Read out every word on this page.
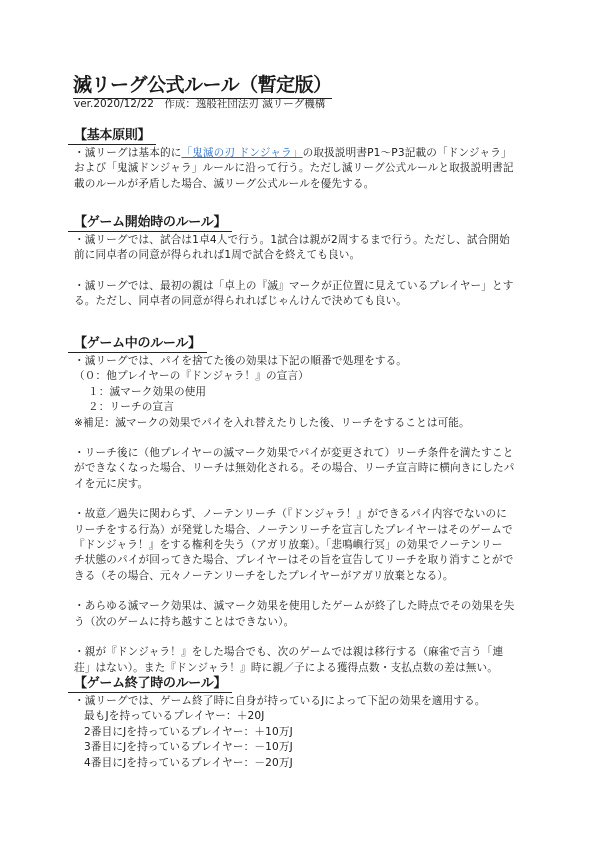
滅リーグ公式ルール（暫定版）
ver.2020/12/22　作成：逸般社団法刃 滅リーグ機構
【基本原則】
・滅リーグは基本的に「鬼滅の刃 ドンジャラ」の取扱説明書P1～P3記載の「ドンジャラ」
および「鬼滅ドンジャラ」ルールに沿って行う。ただし滅リーグ公式ルールと取扱説明書記
載のルールが矛盾した場合、滅リーグ公式ルールを優先する。
【ゲーム開始時のルール】
・滅リーグでは、試合は1卓4人で行う。1試合は親が2周するまで行う。ただし、試合開始
前に同卓者の同意が得られれば1周で試合を終えても良い。
・滅リーグでは、最初の親は「卓上の『滅』マークが正位置に見えているプレイヤー」とす
る。ただし、同卓者の同意が得られればじゃんけんで決めても良い。
【ゲーム中のルール】
・滅リーグでは、パイを捨てた後の効果は下記の順番で処理をする。
（０：他プレイヤーの『ドンジャラ！』の宣言）
１：滅マーク効果の使用
２：リーチの宣言
※補足：滅マークの効果でパイを入れ替えたりした後、リーチをすることは可能。
・リーチ後に（他プレイヤーの滅マーク効果でパイが変更されて）リーチ条件を満たすこと
ができなくなった場合、リーチは無効化される。その場合、リーチ宣言時に横向きにしたパ
イを元に戻す。
・故意／過失に関わらず、ノーテンリーチ（『ドンジャラ！』ができるパイ内容でないのに
リーチをする行為）が発覚した場合、ノーテンリーチを宣言したプレイヤーはそのゲームで
『ドンジャラ！』をする権利を失う（アガリ放棄）。「悲鳴嶼行冥」の効果でノーテンリー
チ状態のパイが回ってきた場合、プレイヤーはその旨を宣告してリーチを取り消すことがで
きる（その場合、元々ノーテンリーチをしたプレイヤーがアガリ放棄となる）。
・あらゆる滅マーク効果は、滅マーク効果を使用したゲームが終了した時点でその効果を失
う（次のゲームに持ち越すことはできない）。
・親が『ドンジャラ！』をした場合でも、次のゲームでは親は移行する（麻雀で言う「連
荘」はない）。また『ドンジャラ！』時に親／子による獲得点数・支払点数の差は無い。
【ゲーム終了時のルール】
・滅リーグでは、ゲーム終了時に自身が持っているJによって下記の効果を適用する。
最もJを持っているプレイヤー：＋20J
2番目にJを持っているプレイヤー：＋10万J
3番目にJを持っているプレイヤー：－10万J
4番目にJを持っているプレイヤー：－20万J
